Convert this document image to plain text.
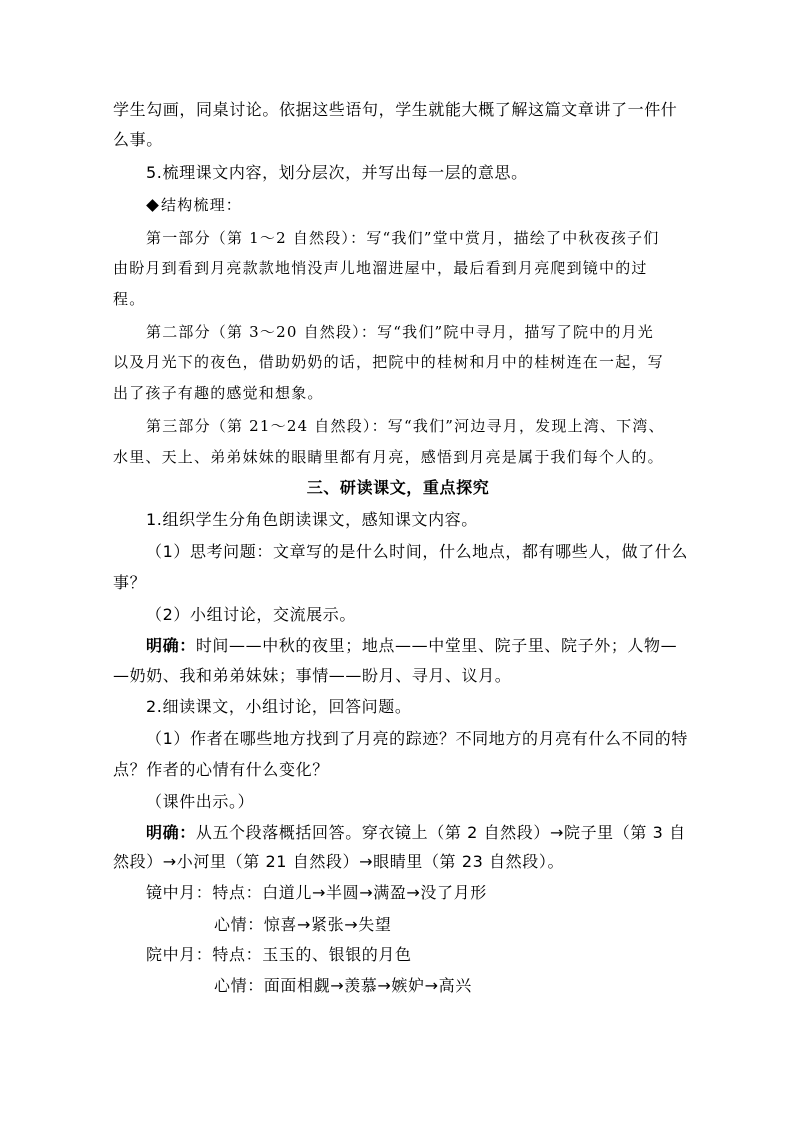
学生勾画，同桌讨论。依据这些语句，学生就能大概了解这篇文章讲了一件什
么事。
5.梳理课文内容，划分层次，并写出每一层的意思。
结构梳理：
第一部分（第 1～2 自然段）：写“我们”堂中赏月，描绘了中秋夜孩子们
由盼月到看到月亮款款地悄没声儿地溜进屋中，最后看到月亮爬到镜中的过
程。
第二部分（第 3～20 自然段）：写“我们”院中寻月，描写了院中的月光
以及月光下的夜色，借助奶奶的话，把院中的桂树和月中的桂树连在一起，写
出了孩子有趣的感觉和想象。
第三部分（第 21～24 自然段）：写“我们”河边寻月，发现上湾、下湾、
水里、天上、弟弟妹妹的眼睛里都有月亮，感悟到月亮是属于我们每个人的。
三、研读课文，重点探究
1.组织学生分角色朗读课文，感知课文内容。
（1）思考问题：文章写的是什么时间，什么地点，都有哪些人，做了什么
事？
（2）小组讨论，交流展示。
明确：时间——中秋的夜里；地点——中堂里、院子里、院子外；人物—
—奶奶、我和弟弟妹妹；事情——盼月、寻月、议月。
2.细读课文，小组讨论，回答问题。
（1）作者在哪些地方找到了月亮的踪迹？不同地方的月亮有什么不同的特
点？作者的心情有什么变化？
（课件出示。）
明确：从五个段落概括回答。穿衣镜上（第 2 自然段）→院子里（第 3 自
然段）→小河里（第 21 自然段）→眼睛里（第 23 自然段）。
镜中月：特点：白道儿→半圆→满盈→没了月形
心情：惊喜→紧张→失望
院中月：特点：玉玉的、银银的月色
心情：面面相觑→羡慕→嫉妒→高兴
